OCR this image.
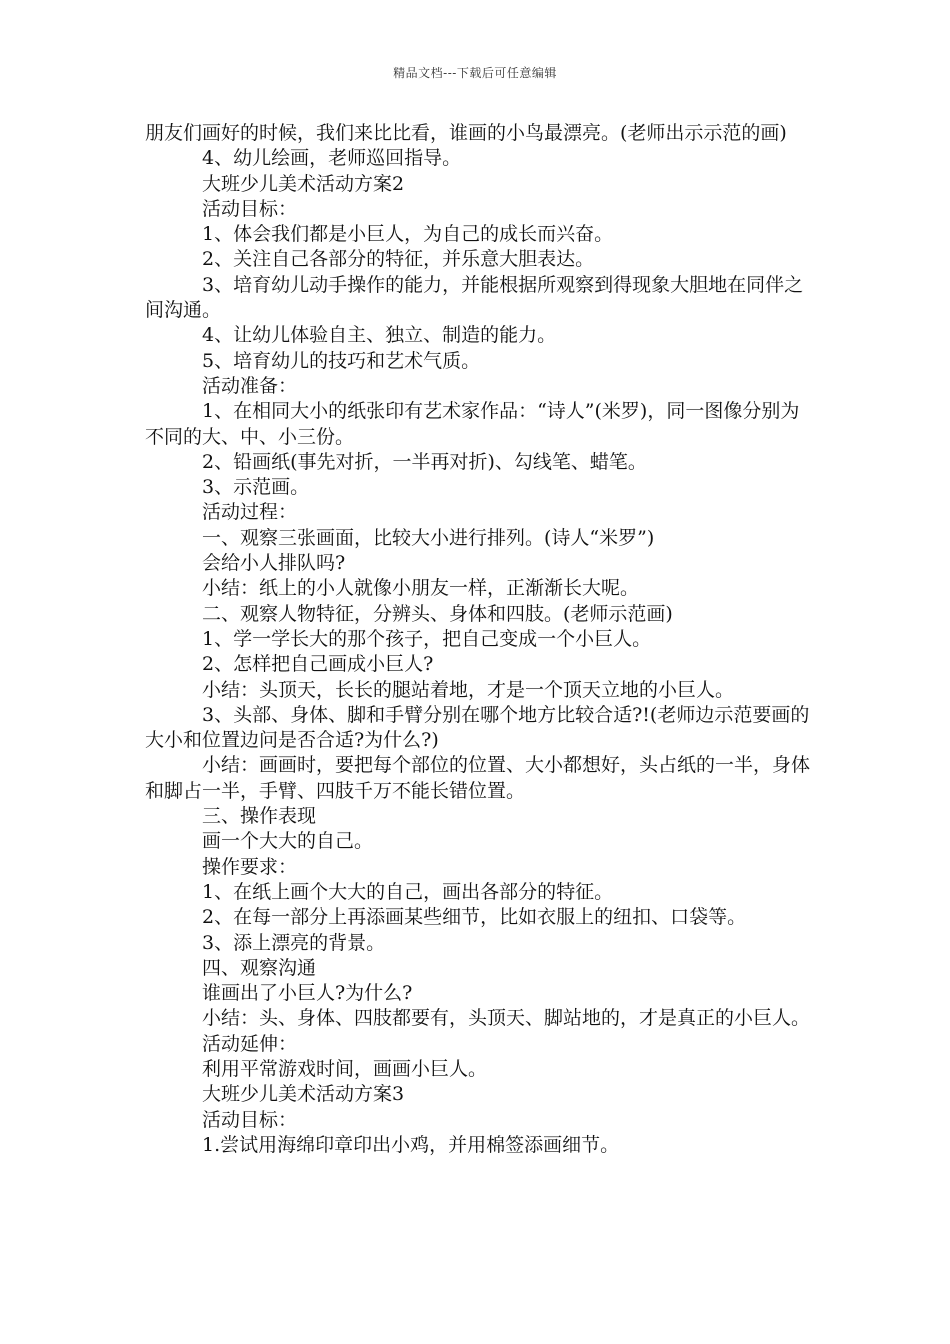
精品文档---下载后可任意编辑

朋友们画好的时候，我们来比比看，谁画的小鸟最漂亮。(老师出示示范的画)

4、幼儿绘画，老师巡回指导。

大班少儿美术活动方案2

活动目标：

1、体会我们都是小巨人，为自己的成长而兴奋。

2、关注自己各部分的特征，并乐意大胆表达。

3、培育幼儿动手操作的能力，并能根据所观察到得现象大胆地在同伴之间沟通。

4、让幼儿体验自主、独立、制造的能力。

5、培育幼儿的技巧和艺术气质。

活动准备：

1、在相同大小的纸张印有艺术家作品：“诗人”(米罗)，同一图像分别为不同的大、中、小三份。

2、铅画纸(事先对折，一半再对折)、勾线笔、蜡笔。

3、示范画。

活动过程：

一、观察三张画面，比较大小进行排列。(诗人“米罗”)

会给小人排队吗?

小结：纸上的小人就像小朋友一样，正渐渐长大呢。

二、观察人物特征，分辨头、身体和四肢。(老师示范画)

1、学一学长大的那个孩子，把自己变成一个小巨人。

2、怎样把自己画成小巨人?

小结：头顶天，长长的腿站着地，才是一个顶天立地的小巨人。

3、头部、身体、脚和手臂分别在哪个地方比较合适?!(老师边示范要画的大小和位置边问是否合适?为什么?)

小结：画画时，要把每个部位的位置、大小都想好，头占纸的一半，身体和脚占一半，手臂、四肢千万不能长错位置。

三、操作表现

画一个大大的自己。

操作要求：

1、在纸上画个大大的自己，画出各部分的特征。

2、在每一部分上再添画某些细节，比如衣服上的纽扣、口袋等。

3、添上漂亮的背景。

四、观察沟通

谁画出了小巨人?为什么?

小结：头、身体、四肢都要有，头顶天、脚站地的，才是真正的小巨人。

活动延伸：

利用平常游戏时间，画画小巨人。

大班少儿美术活动方案3

活动目标：

1.尝试用海绵印章印出小鸡，并用棉签添画细节。
